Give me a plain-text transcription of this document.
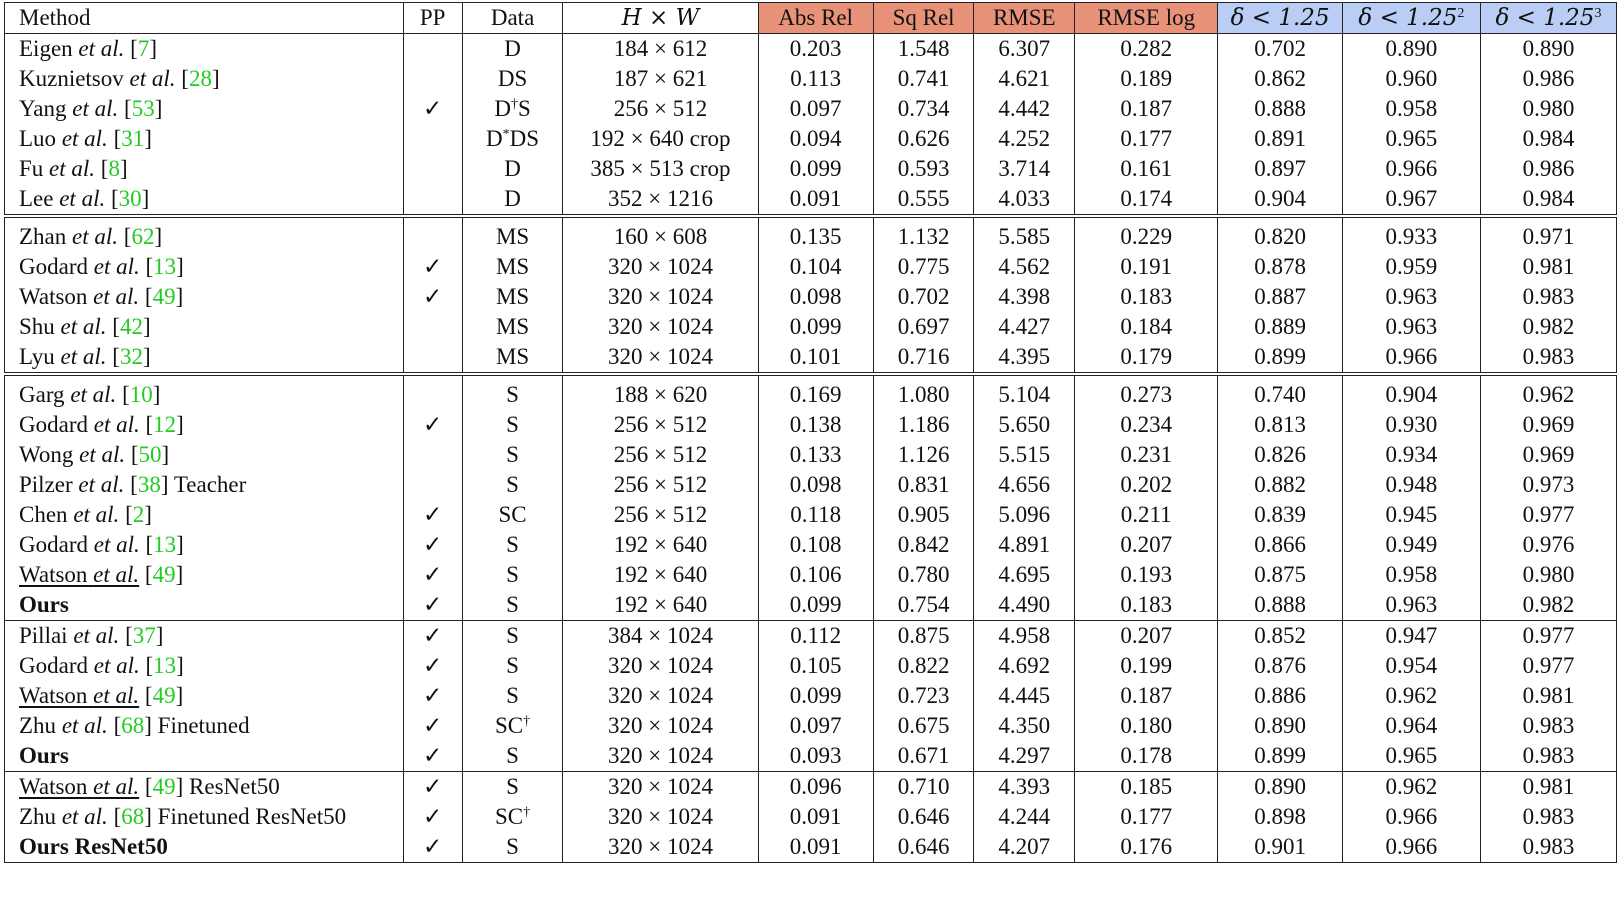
Method	PP	Data	H × W	Abs Rel	Sq Rel	RMSE	RMSE log	δ < 1.25	$\delta < 1.25^2$	$\delta < 1.25^3$
Eigen et al. [7]		D	184 × 612	0.203	1.548	6.307	0.282	0.702	0.890	0.890
Kuznietsov et al. [28]		DS	187 × 621	0.113	0.741	4.621	0.189	0.862	0.960	0.986
Yang et al. [53]	✓	D†S	256 × 512	0.097	0.734	4.442	0.187	0.888	0.958	0.980
Luo et al. [31]		D*DS	192 × 640 crop	0.094	0.626	4.252	0.177	0.891	0.965	0.984
Fu et al. [8]		D	385 × 513 crop	0.099	0.593	3.714	0.161	0.897	0.966	0.986
Lee et al. [30]		D	352 × 1216	0.091	0.555	4.033	0.174	0.904	0.967	0.984
Zhan et al. [62]		MS	160 × 608	0.135	1.132	5.585	0.229	0.820	0.933	0.971
Godard et al. [13]	✓	MS	320 × 1024	0.104	0.775	4.562	0.191	0.878	0.959	0.981
Watson et al. [49]	✓	MS	320 × 1024	0.098	0.702	4.398	0.183	0.887	0.963	0.983
Shu et al. [42]		MS	320 × 1024	0.099	0.697	4.427	0.184	0.889	0.963	0.982
Lyu et al. [32]		MS	320 × 1024	0.101	0.716	4.395	0.179	0.899	0.966	0.983
Garg et al. [10]		S	188 × 620	0.169	1.080	5.104	0.273	0.740	0.904	0.962
Godard et al. [12]	✓	S	256 × 512	0.138	1.186	5.650	0.234	0.813	0.930	0.969
Wong et al. [50]		S	256 × 512	0.133	1.126	5.515	0.231	0.826	0.934	0.969
Pilzer et al. [38] Teacher		S	256 × 512	0.098	0.831	4.656	0.202	0.882	0.948	0.973
Chen et al. [2]	✓	SC	256 × 512	0.118	0.905	5.096	0.211	0.839	0.945	0.977
Godard et al. [13]	✓	S	192 × 640	0.108	0.842	4.891	0.207	0.866	0.949	0.976
Watson et al. [49]	✓	S	192 × 640	0.106	0.780	4.695	0.193	0.875	0.958	0.980
Ours	✓	S	192 × 640	0.099	0.754	4.490	0.183	0.888	0.963	0.982
Pillai et al. [37]	✓	S	384 × 1024	0.112	0.875	4.958	0.207	0.852	0.947	0.977
Godard et al. [13]	✓	S	320 × 1024	0.105	0.822	4.692	0.199	0.876	0.954	0.977
Watson et al. [49]	✓	S	320 × 1024	0.099	0.723	4.445	0.187	0.886	0.962	0.981
Zhu et al. [68] Finetuned	✓	SC†	320 × 1024	0.097	0.675	4.350	0.180	0.890	0.964	0.983
Ours	✓	S	320 × 1024	0.093	0.671	4.297	0.178	0.899	0.965	0.983
Watson et al. [49] ResNet50	✓	S	320 × 1024	0.096	0.710	4.393	0.185	0.890	0.962	0.981
Zhu et al. [68] Finetuned ResNet50	✓	SC†	320 × 1024	0.091	0.646	4.244	0.177	0.898	0.966	0.983
Ours ResNet50	✓	S	320 × 1024	0.091	0.646	4.207	0.176	0.901	0.966	0.983
